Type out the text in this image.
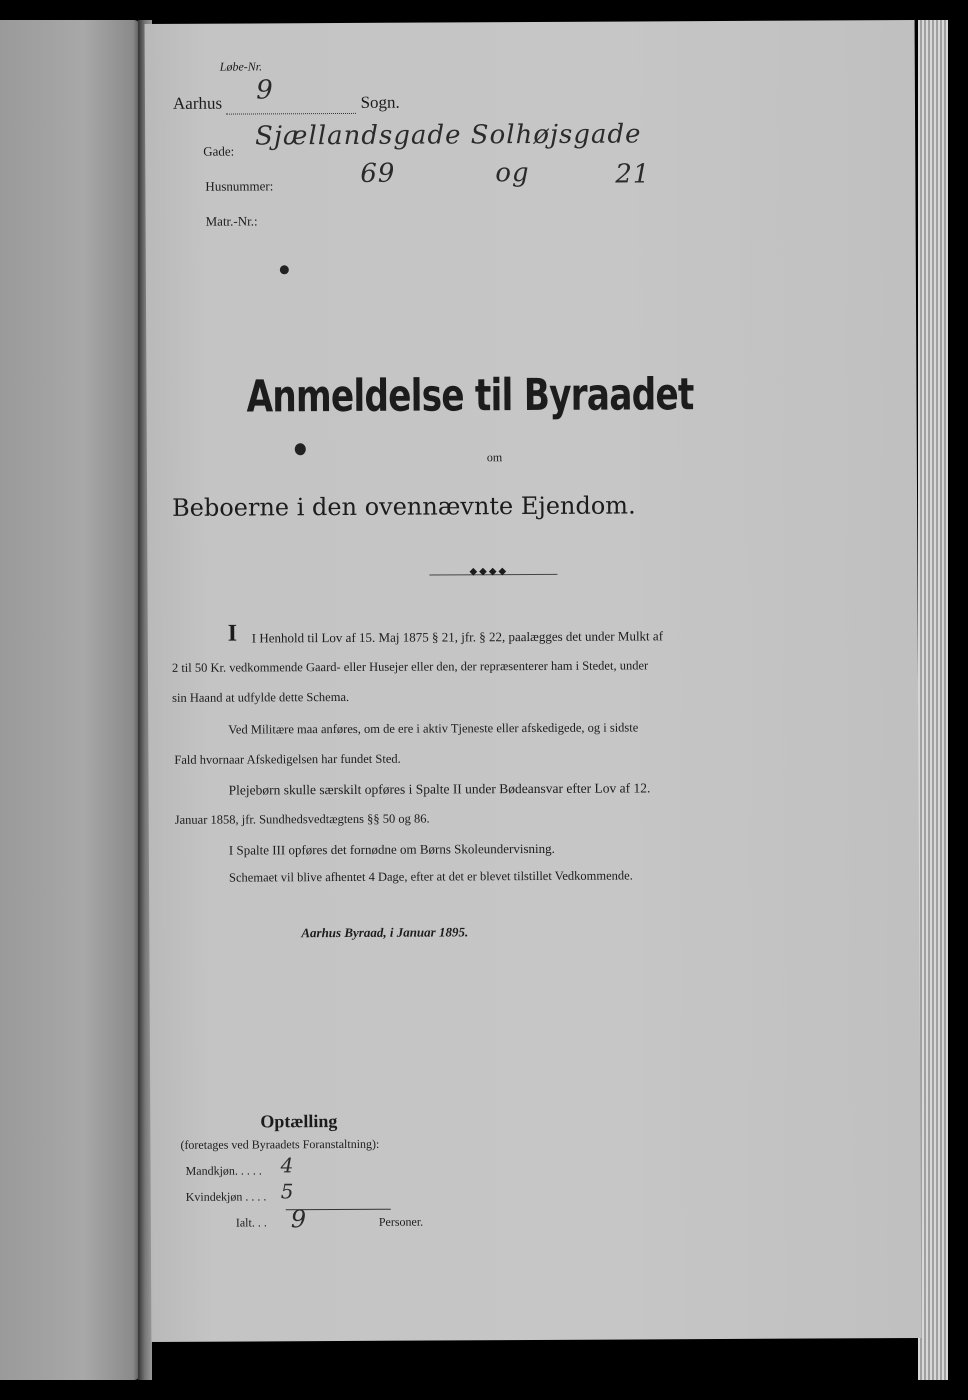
Løbe-Nr.
Aarhus 9	Sogn.
Gade: Sjællandsgade Solhøjsgade
Husnummer:	69	og	21
Matr.-Nr.:
Anmeldelse til Byraadet
om
Beboerne i den ovennævnte Ejendom.
◆◆◆◆
I I Henhold til Lov af 15. Maj 1875 § 21, jfr. § 22, paalægges det under Mulkt af
2 til 50 Kr. vedkommende Gaard- eller Husejer eller den, der repræsenterer ham i Stedet, under
sin Haand at udfylde dette Schema.
Ved Militære maa anføres, om de ere i aktiv Tjeneste eller afskedigede, og i sidste
Fald hvornaar Afskedigelsen har fundet Sted.
Plejebørn skulle særskilt opføres i Spalte II under Bødeansvar efter Lov af 12.
Januar 1858, jfr. Sundhedsvedtægtens §§ 50 og 86.
I Spalte III opføres det fornødne om Børns Skoleundervisning.
Schemaet vil blive afhentet 4 Dage, efter at det er blevet tilstillet Vedkommende.
Aarhus Byraad, i Januar 1895.
Optælling
(foretages ved Byraadets Foranstaltning):
Mandkjøn. . . . . 4
Kvindekjøn . . . . 5
Ialt. . . 9	Personer.
